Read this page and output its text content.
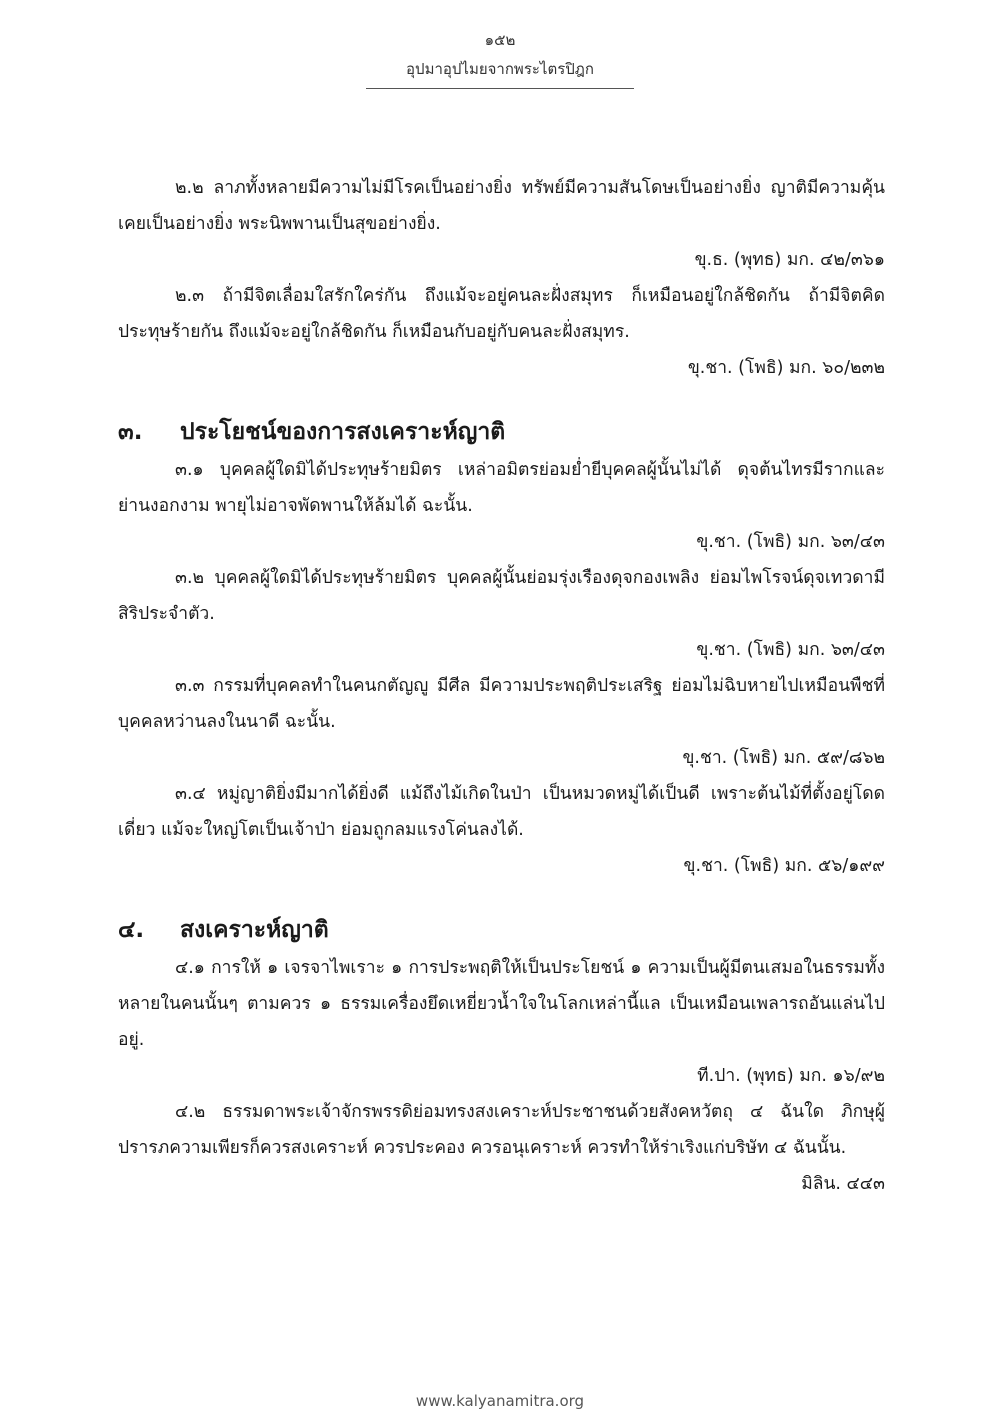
๑๕๒
อุปมาอุปไมยจากพระไตรปิฎก

๒.๒ ลาภทั้งหลายมีความไม่มีโรคเป็นอย่างยิ่ง ทรัพย์มีความสันโดษเป็นอย่างยิ่ง ญาติมีความคุ้นเคยเป็นอย่างยิ่ง พระนิพพานเป็นสุขอย่างยิ่ง.

ขุ.ธ. (พุทธ) มก. ๔๒/๓๖๑

๒.๓ ถ้ามีจิตเลื่อมใสรักใคร่กัน ถึงแม้จะอยู่คนละฝั่งสมุทร ก็เหมือนอยู่ใกล้ชิดกัน ถ้ามีจิตคิดประทุษร้ายกัน ถึงแม้จะอยู่ใกล้ชิดกัน ก็เหมือนกับอยู่กับคนละฝั่งสมุทร.

ขุ.ชา. (โพธิ) มก. ๖๐/๒๓๒

๓.	ประโยชน์ของการสงเคราะห์ญาติ

๓.๑ บุคคลผู้ใดมิได้ประทุษร้ายมิตร เหล่าอมิตรย่อมย่ำยีบุคคลผู้นั้นไม่ได้ ดุจต้นไทรมีรากและย่านงอกงาม พายุไม่อาจพัดพานให้ล้มได้ ฉะนั้น.

ขุ.ชา. (โพธิ) มก. ๖๓/๔๓

๓.๒ บุคคลผู้ใดมิได้ประทุษร้ายมิตร บุคคลผู้นั้นย่อมรุ่งเรืองดุจกองเพลิง ย่อมไพโรจน์ดุจเทวดามีสิริประจำตัว.

ขุ.ชา. (โพธิ) มก. ๖๓/๔๓

๓.๓ กรรมที่บุคคลทำในคนกตัญญู มีศีล มีความประพฤติประเสริฐ ย่อมไม่ฉิบหายไปเหมือนพืชที่บุคคลหว่านลงในนาดี ฉะนั้น.

ขุ.ชา. (โพธิ) มก. ๕๙/๘๖๒

๓.๔ หมู่ญาติยิ่งมีมากได้ยิ่งดี แม้ถึงไม้เกิดในป่า เป็นหมวดหมู่ได้เป็นดี เพราะต้นไม้ที่ตั้งอยู่โดดเดี่ยว แม้จะใหญ่โตเป็นเจ้าป่า ย่อมถูกลมแรงโค่นลงได้.

ขุ.ชา. (โพธิ) มก. ๕๖/๑๙๙

๔.	สงเคราะห์ญาติ

๔.๑ การให้ ๑ เจรจาไพเราะ ๑ การประพฤติให้เป็นประโยชน์ ๑ ความเป็นผู้มีตนเสมอในธรรมทั้งหลายในคนนั้นๆ ตามควร ๑ ธรรมเครื่องยึดเหยี่ยวน้ำใจในโลกเหล่านี้แล เป็นเหมือนเพลารถอันแล่นไปอยู่.

ที.ปา. (พุทธ) มก. ๑๖/๙๒

๔.๒ ธรรมดาพระเจ้าจักรพรรดิย่อมทรงสงเคราะห์ประชาชนด้วยสังคหวัตถุ ๔ ฉันใด ภิกษุผู้ปรารภความเพียรก็ควรสงเคราะห์ ควรประคอง ควรอนุเคราะห์ ควรทำให้ร่าเริงแก่บริษัท ๔ ฉันนั้น.

มิลิน. ๔๔๓

www.kalyanamitra.org
